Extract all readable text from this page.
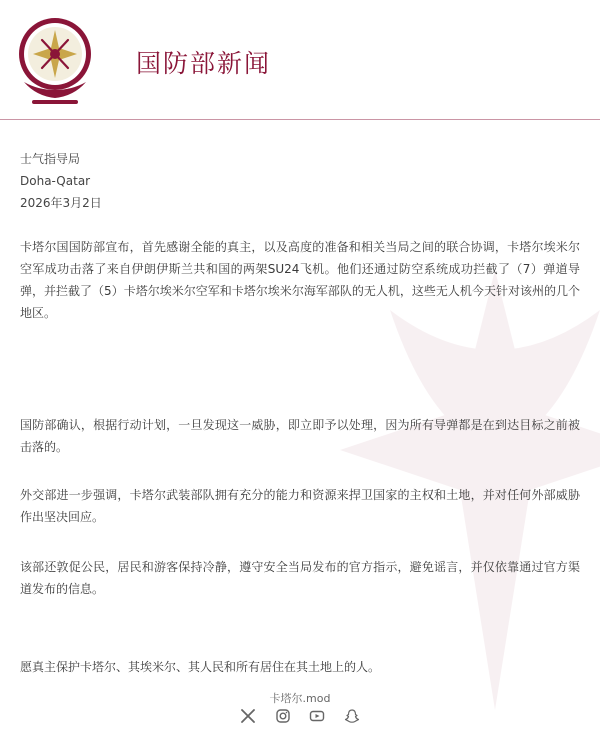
国防部新闻
士气指导局
Doha-Qatar
2026年3月2日
卡塔尔国国防部宣布，首先感谢全能的真主，以及高度的准备和相关当局之间的联合协调，卡塔尔埃米尔空军成功击落了来自伊朗伊斯兰共和国的两架SU24飞机。他们还通过防空系统成功拦截了（7）弹道导弹，并拦截了（5）卡塔尔埃米尔空军和卡塔尔埃米尔海军部队的无人机，这些无人机今天针对该州的几个地区。
国防部确认，根据行动计划，一旦发现这一威胁，即立即予以处理，因为所有导弹都是在到达目标之前被击落的。
外交部进一步强调，卡塔尔武装部队拥有充分的能力和资源来捍卫国家的主权和土地，并对任何外部威胁作出坚决回应。
该部还敦促公民，居民和游客保持冷静，遵守安全当局发布的官方指示，避免谣言，并仅依靠通过官方渠道发布的信息。
愿真主保护卡塔尔、其埃米尔、其人民和所有居住在其土地上的人。
卡塔尔.mod
